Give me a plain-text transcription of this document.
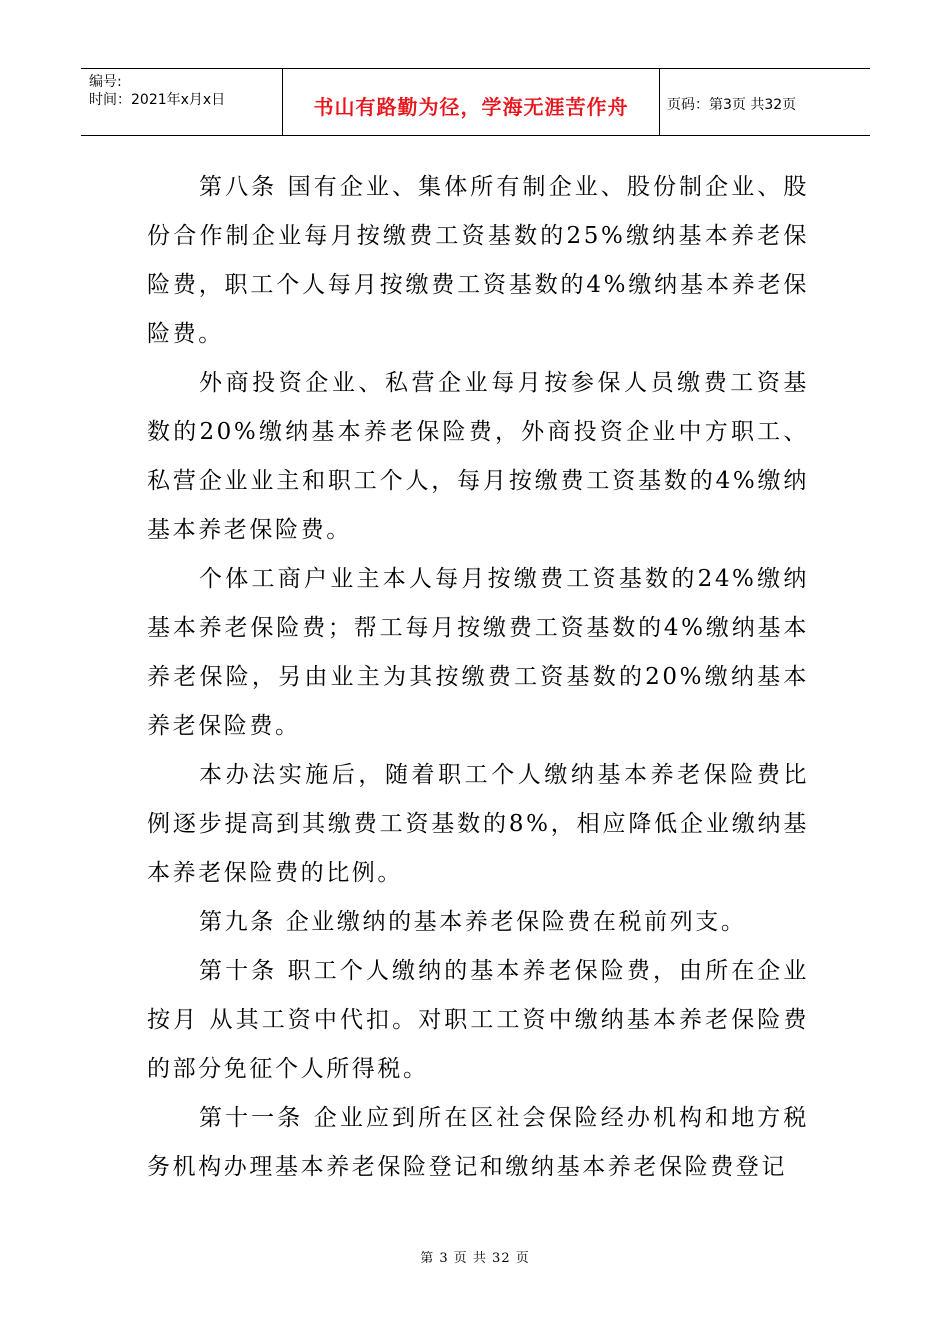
编号:
时间：2021年x月x日	书山有路勤为径，学海无涯苦作舟	页码：第3页 共32页

第八条 国有企业、集体所有制企业、股份制企业、股份合作制企业每月按缴费工资基数的25%缴纳基本养老保险费，职工个人每月按缴费工资基数的4%缴纳基本养老保险费。

外商投资企业、私营企业每月按参保人员缴费工资基数的20%缴纳基本养老保险费，外商投资企业中方职工、私营企业业主和职工个人，每月按缴费工资基数的4%缴纳基本养老保险费。

个体工商户业主本人每月按缴费工资基数的24%缴纳基本养老保险费；帮工每月按缴费工资基数的4%缴纳基本养老保险，另由业主为其按缴费工资基数的20%缴纳基本养老保险费。

本办法实施后，随着职工个人缴纳基本养老保险费比例逐步提高到其缴费工资基数的8%，相应降低企业缴纳基本养老保险费的比例。

第九条 企业缴纳的基本养老保险费在税前列支。

第十条 职工个人缴纳的基本养老保险费，由所在企业按月 从其工资中代扣。对职工工资中缴纳基本养老保险费的部分免征个人所得税。

第十一条 企业应到所在区社会保险经办机构和地方税务机构办理基本养老保险登记和缴纳基本养老保险费登记

第 3 页 共 32 页
